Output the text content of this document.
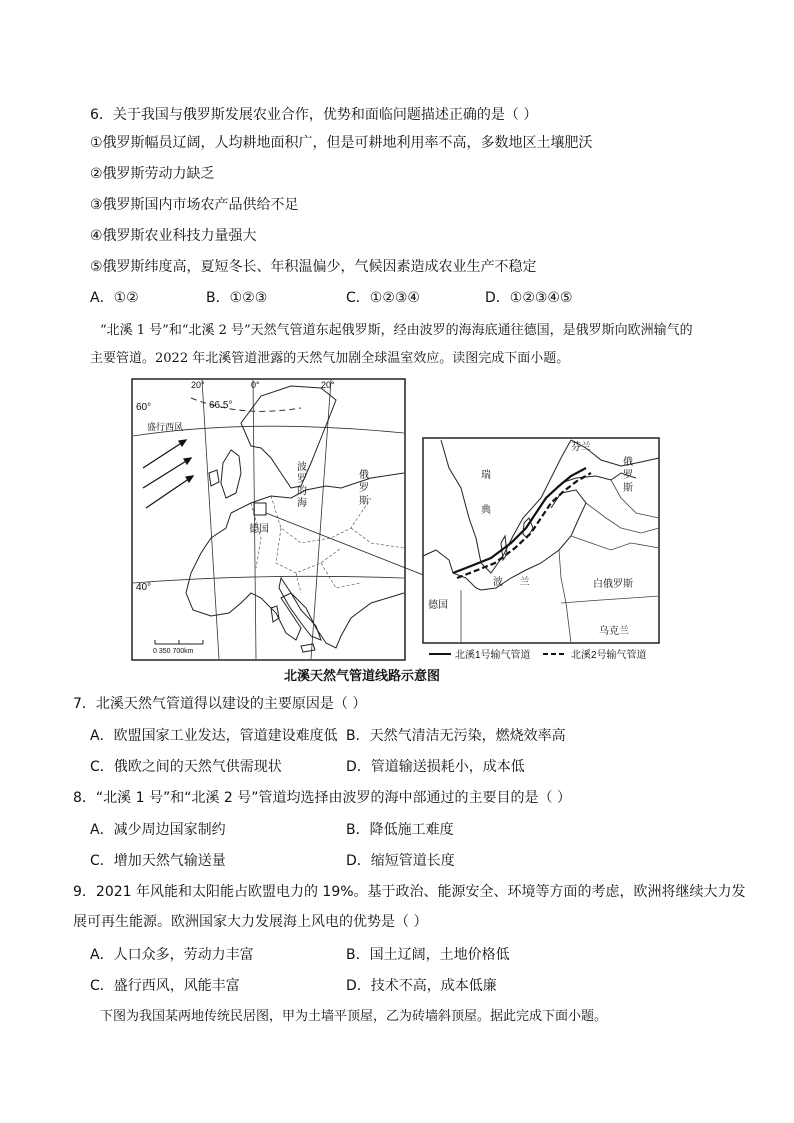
6．关于我国与俄罗斯发展农业合作，优势和面临问题描述正确的是（ ）
①俄罗斯幅员辽阔，人均耕地面积广，但是可耕地利用率不高，多数地区土壤肥沃
②俄罗斯劳动力缺乏
③俄罗斯国内市场农产品供给不足
④俄罗斯农业科技力量强大
⑤俄罗斯纬度高，夏短冬长、年积温偏少，气候因素造成农业生产不稳定
A．①②	B．①②③	C．①②③④	D．①②③④⑤
“北溪 1 号”和“北溪 2 号”天然气管道东起俄罗斯，经由波罗的海海底通往德国，是俄罗斯向欧洲输气的
主要管道。2022 年北溪管道泄露的天然气加剧全球温室效应。读图完成下面小题。
20°	0°	20°
60°
40°
66.5°
盛行西风
波
罗
的
海
俄
罗
斯
德国
0 350 700km
芬兰
瑞
典
俄
罗
斯
白俄罗斯
乌克兰
波      兰
德国
北溪1号输气管道	北溪2号输气管道
北溪天然气管道线路示意图
7．北溪天然气管道得以建设的主要原因是（ ）
A．欧盟国家工业发达，管道建设难度低 B．天然气清洁无污染，燃烧效率高
C．俄欧之间的天然气供需现状	D．管道输送损耗小，成本低
8．“北溪 1 号”和“北溪 2 号”管道均选择由波罗的海中部通过的主要目的是（ ）
A．减少周边国家制约	B．降低施工难度
C．增加天然气输送量	D．缩短管道长度
9．2021 年风能和太阳能占欧盟电力的 19%。基于政治、能源安全、环境等方面的考虑，欧洲将继续大力发
展可再生能源。欧洲国家大力发展海上风电的优势是（ ）
A．人口众多，劳动力丰富	B．国土辽阔，土地价格低
C．盛行西风，风能丰富	D．技术不高，成本低廉
下图为我国某两地传统民居图，甲为土墙平顶屋，乙为砖墙斜顶屋。据此完成下面小题。
